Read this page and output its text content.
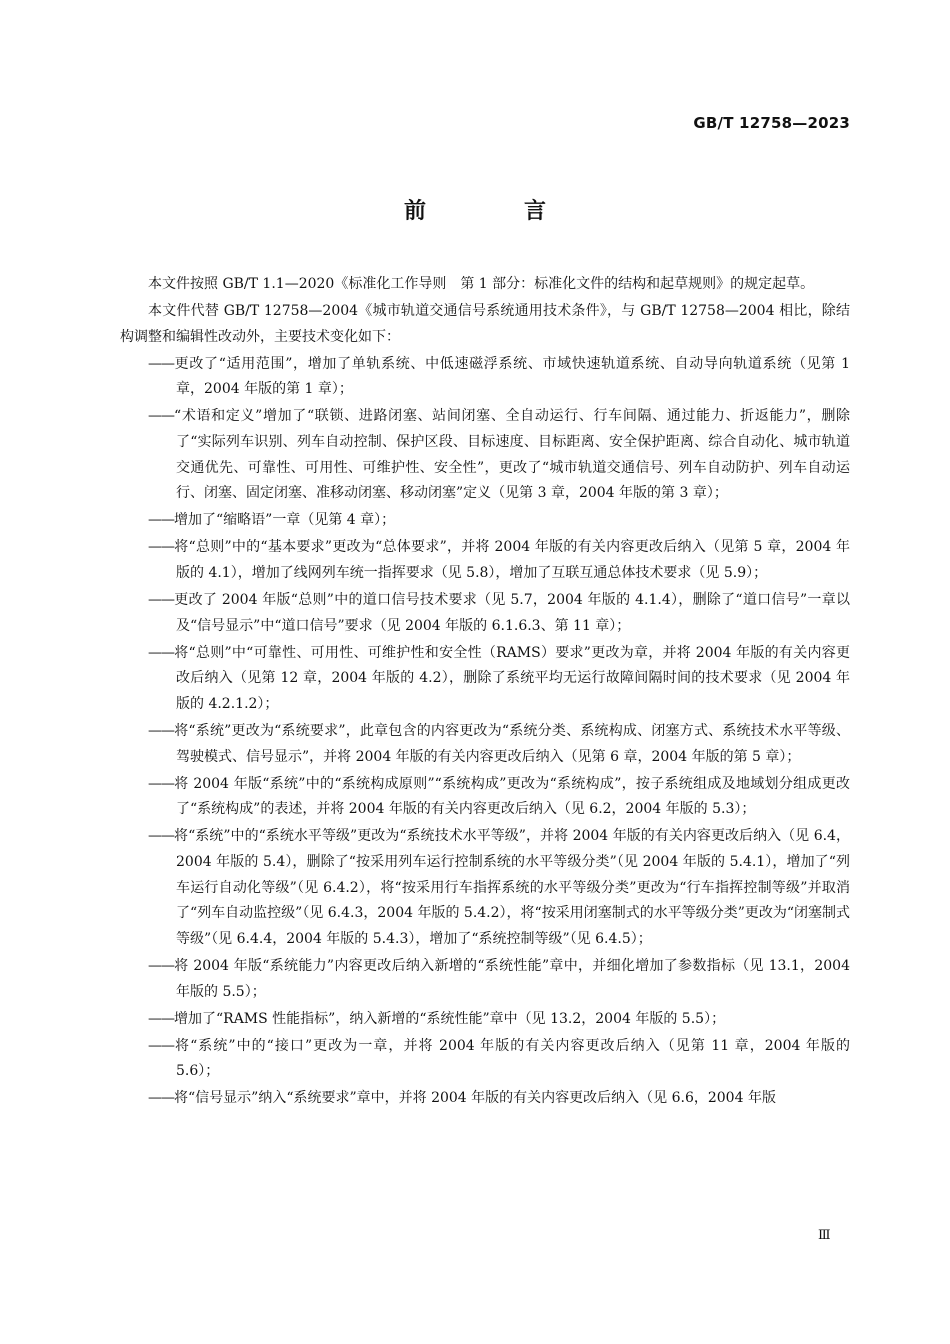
GB/T 12758—2023
前　言

本文件按照 GB/T 1.1—2020《标准化工作导则　第 1 部分：标准化文件的结构和起草规则》的规定起草。

本文件代替 GB/T 12758—2004《城市轨道交通信号系统通用技术条件》，与 GB/T 12758—2004 相比，除结构调整和编辑性改动外，主要技术变化如下：

——更改了“适用范围”，增加了单轨系统、中低速磁浮系统、市域快速轨道系统、自动导向轨道系统（见第 1 章，2004 年版的第 1 章）；

——“术语和定义”增加了“联锁、进路闭塞、站间闭塞、全自动运行、行车间隔、通过能力、折返能力”，删除了“实际列车识别、列车自动控制、保护区段、目标速度、目标距离、安全保护距离、综合自动化、城市轨道交通优先、可靠性、可用性、可维护性、安全性”，更改了“城市轨道交通信号、列车自动防护、列车自动运行、闭塞、固定闭塞、准移动闭塞、移动闭塞”定义（见第 3 章，2004 年版的第 3 章）；

——增加了“缩略语”一章（见第 4 章）；

——将“总则”中的“基本要求”更改为“总体要求”，并将 2004 年版的有关内容更改后纳入（见第 5 章，2004 年版的 4.1），增加了线网列车统一指挥要求（见 5.8），增加了互联互通总体技术要求（见 5.9）；

——更改了 2004 年版“总则”中的道口信号技术要求（见 5.7，2004 年版的 4.1.4），删除了“道口信号”一章以及“信号显示”中“道口信号”要求（见 2004 年版的 6.1.6.3、第 11 章）；

——将“总则”中“可靠性、可用性、可维护性和安全性（RAMS）要求”更改为章，并将 2004 年版的有关内容更改后纳入（见第 12 章，2004 年版的 4.2），删除了系统平均无运行故障间隔时间的技术要求（见 2004 年版的 4.2.1.2）；

——将“系统”更改为“系统要求”，此章包含的内容更改为“系统分类、系统构成、闭塞方式、系统技术水平等级、驾驶模式、信号显示”，并将 2004 年版的有关内容更改后纳入（见第 6 章，2004 年版的第 5 章）；

——将 2004 年版“系统”中的“系统构成原则”“系统构成”更改为“系统构成”，按子系统组成及地域划分组成更改了“系统构成”的表述，并将 2004 年版的有关内容更改后纳入（见 6.2，2004 年版的 5.3）；

——将“系统”中的“系统水平等级”更改为“系统技术水平等级”，并将 2004 年版的有关内容更改后纳入（见 6.4，2004 年版的 5.4），删除了“按采用列车运行控制系统的水平等级分类”（见 2004 年版的 5.4.1），增加了“列车运行自动化等级”（见 6.4.2），将“按采用行车指挥系统的水平等级分类”更改为“行车指挥控制等级”并取消了“列车自动监控级”（见 6.4.3，2004 年版的 5.4.2），将“按采用闭塞制式的水平等级分类”更改为“闭塞制式等级”（见 6.4.4，2004 年版的 5.4.3），增加了“系统控制等级”（见 6.4.5）；

——将 2004 年版“系统能力”内容更改后纳入新增的“系统性能”章中，并细化增加了参数指标（见 13.1，2004 年版的 5.5）；

——增加了“RAMS 性能指标”，纳入新增的“系统性能”章中（见 13.2，2004 年版的 5.5）；

——将“系统”中的“接口”更改为一章，并将 2004 年版的有关内容更改后纳入（见第 11 章，2004 年版的 5.6）；

——将“信号显示”纳入“系统要求”章中，并将 2004 年版的有关内容更改后纳入（见 6.6，2004 年版

Ⅲ
